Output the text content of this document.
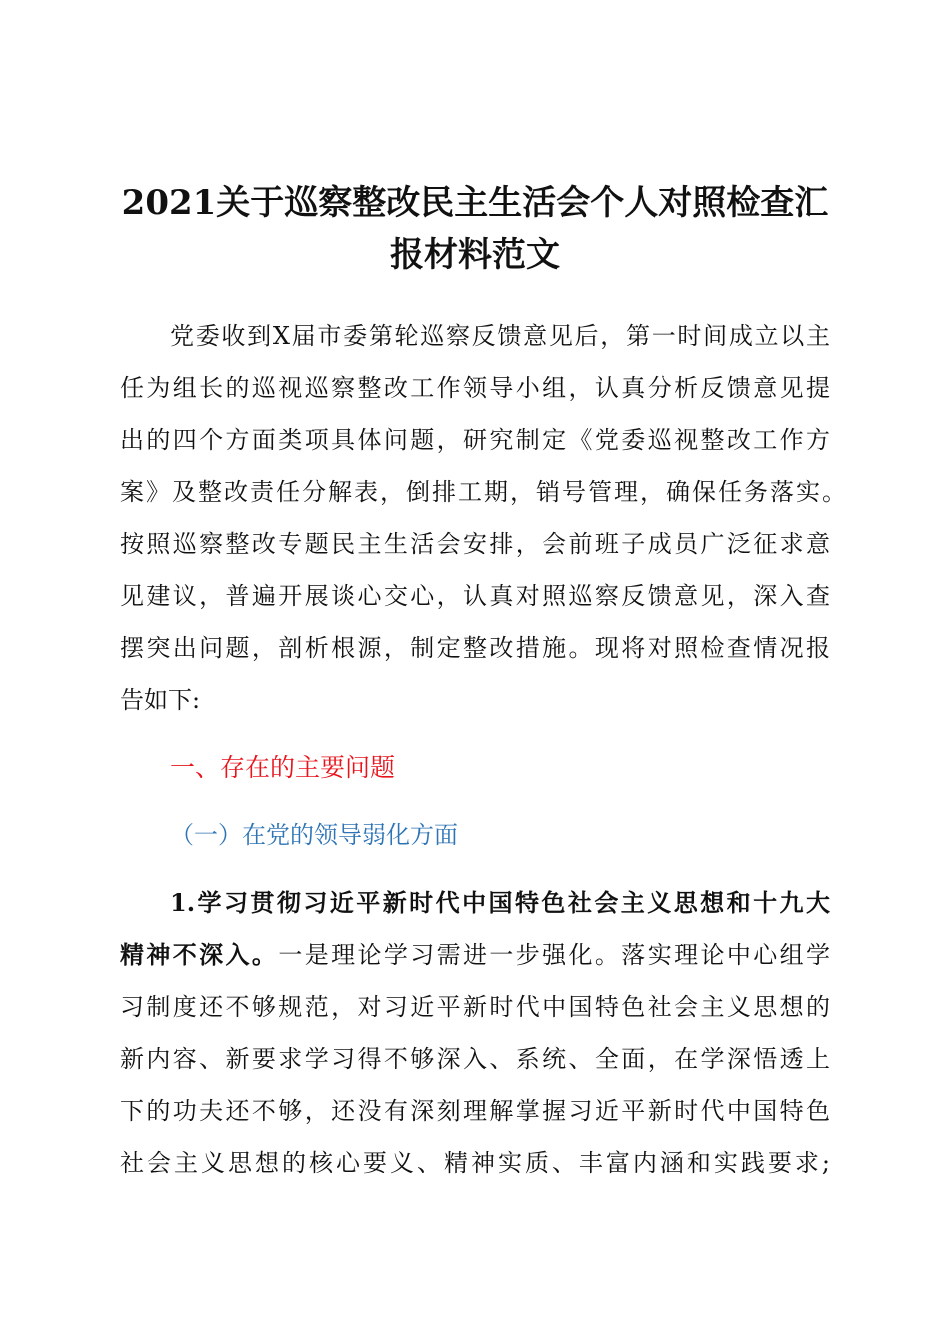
2021关于巡察整改民主生活会个人对照检查汇
报材料范文
党委收到X届市委第轮巡察反馈意见后，第一时间成立以主
任为组长的巡视巡察整改工作领导小组，认真分析反馈意见提
出的四个方面类项具体问题，研究制定《党委巡视整改工作方
案》及整改责任分解表，倒排工期，销号管理，确保任务落实。
按照巡察整改专题民主生活会安排，会前班子成员广泛征求意
见建议，普遍开展谈心交心，认真对照巡察反馈意见，深入查
摆突出问题，剖析根源，制定整改措施。现将对照检查情况报
告如下:
一、存在的主要问题
（一）在党的领导弱化方面
1.学习贯彻习近平新时代中国特色社会主义思想和十九大
精神不深入。一是理论学习需进一步强化。落实理论中心组学
习制度还不够规范，对习近平新时代中国特色社会主义思想的
新内容、新要求学习得不够深入、系统、全面，在学深悟透上
下的功夫还不够，还没有深刻理解掌握习近平新时代中国特色
社会主义思想的核心要义、精神实质、丰富内涵和实践要求;
